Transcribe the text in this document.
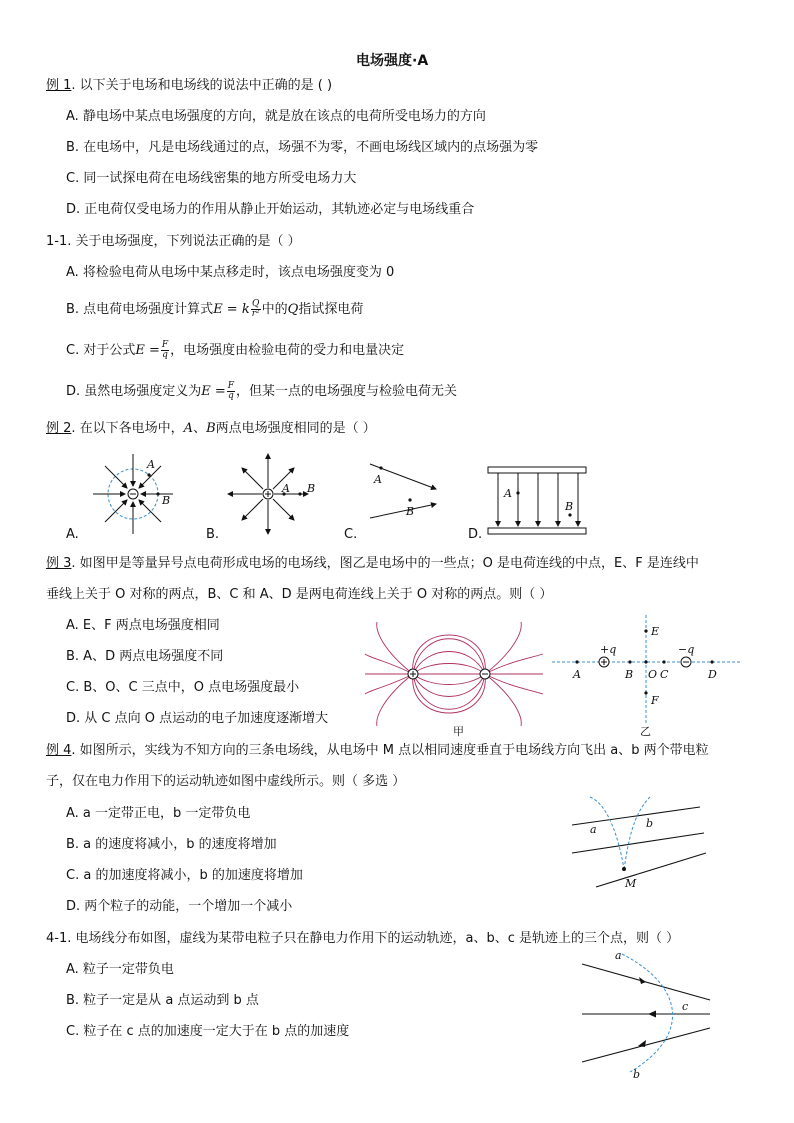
电场强度·A
例 1. 以下关于电场和电场线的说法中正确的是 ( )
A. 静电场中某点电场强度的方向，就是放在该点的电荷所受电场力的方向
B. 在电场中，凡是电场线通过的点，场强不为零，不画电场线区域内的点场强为零
C. 同一试探电荷在电场线密集的地方所受电场力大
D. 正电荷仅受电场力的作用从静止开始运动，其轨迹必定与电场线重合
1-1. 关于电场强度，下列说法正确的是（ ）
A. 将检验电荷从电场中某点移走时，该点电场强度变为 0
B. 点电荷电场强度计算式E = k $\frac{Q}{\text{r²}}$ 中的Q指试探电荷
C. 对于公式$E = \frac{F}{q}$ ，电场强度由检验电荷的受力和电量决定
D. 虽然电场强度定义为$E = \frac{F}{q}$ ，但某一点的电场强度与检验电荷无关
例 2. 在以下各电场中，A、B两点电场强度相同的是（ ）
A
B
A.
A B
B.
A
B
C.
A
B
D.
例 3. 如图甲是等量异号点电荷形成电场的电场线，图乙是电场中的一些点；O 是电荷连线的中点，E、F 是连线中
垂线上关于 O 对称的两点，B、C 和 A、D 是两电荷连线上关于 O 对称的两点。则（ ）
A. E、F 两点电场强度相同
B. A、D 两点电场强度不同
C. B、O、C 三点中，O 点电场强度最小
D. 从 C 点向 O 点运动的电子加速度逐渐增大
甲
+q	−q
A	B O C	D
E
F
乙
例 4. 如图所示，实线为不知方向的三条电场线，从电场中 M 点以相同速度垂直于电场线方向飞出 a、b 两个带电粒
子，仅在电力作用下的运动轨迹如图中虚线所示。则（ 多选 ）
A. a 一定带正电，b 一定带负电
B. a 的速度将减小，b 的速度将增加
C. a 的加速度将减小，b 的加速度将增加
D. 两个粒子的动能，一个增加一个减小
a	b
M
4-1. 电场线分布如图，虚线为某带电粒子只在静电力作用下的运动轨迹，a、b、c 是轨迹上的三个点，则（ ）
A. 粒子一定带负电
B. 粒子一定是从 a 点运动到 b 点
C. 粒子在 c 点的加速度一定大于在 b 点的加速度
a
c
b
